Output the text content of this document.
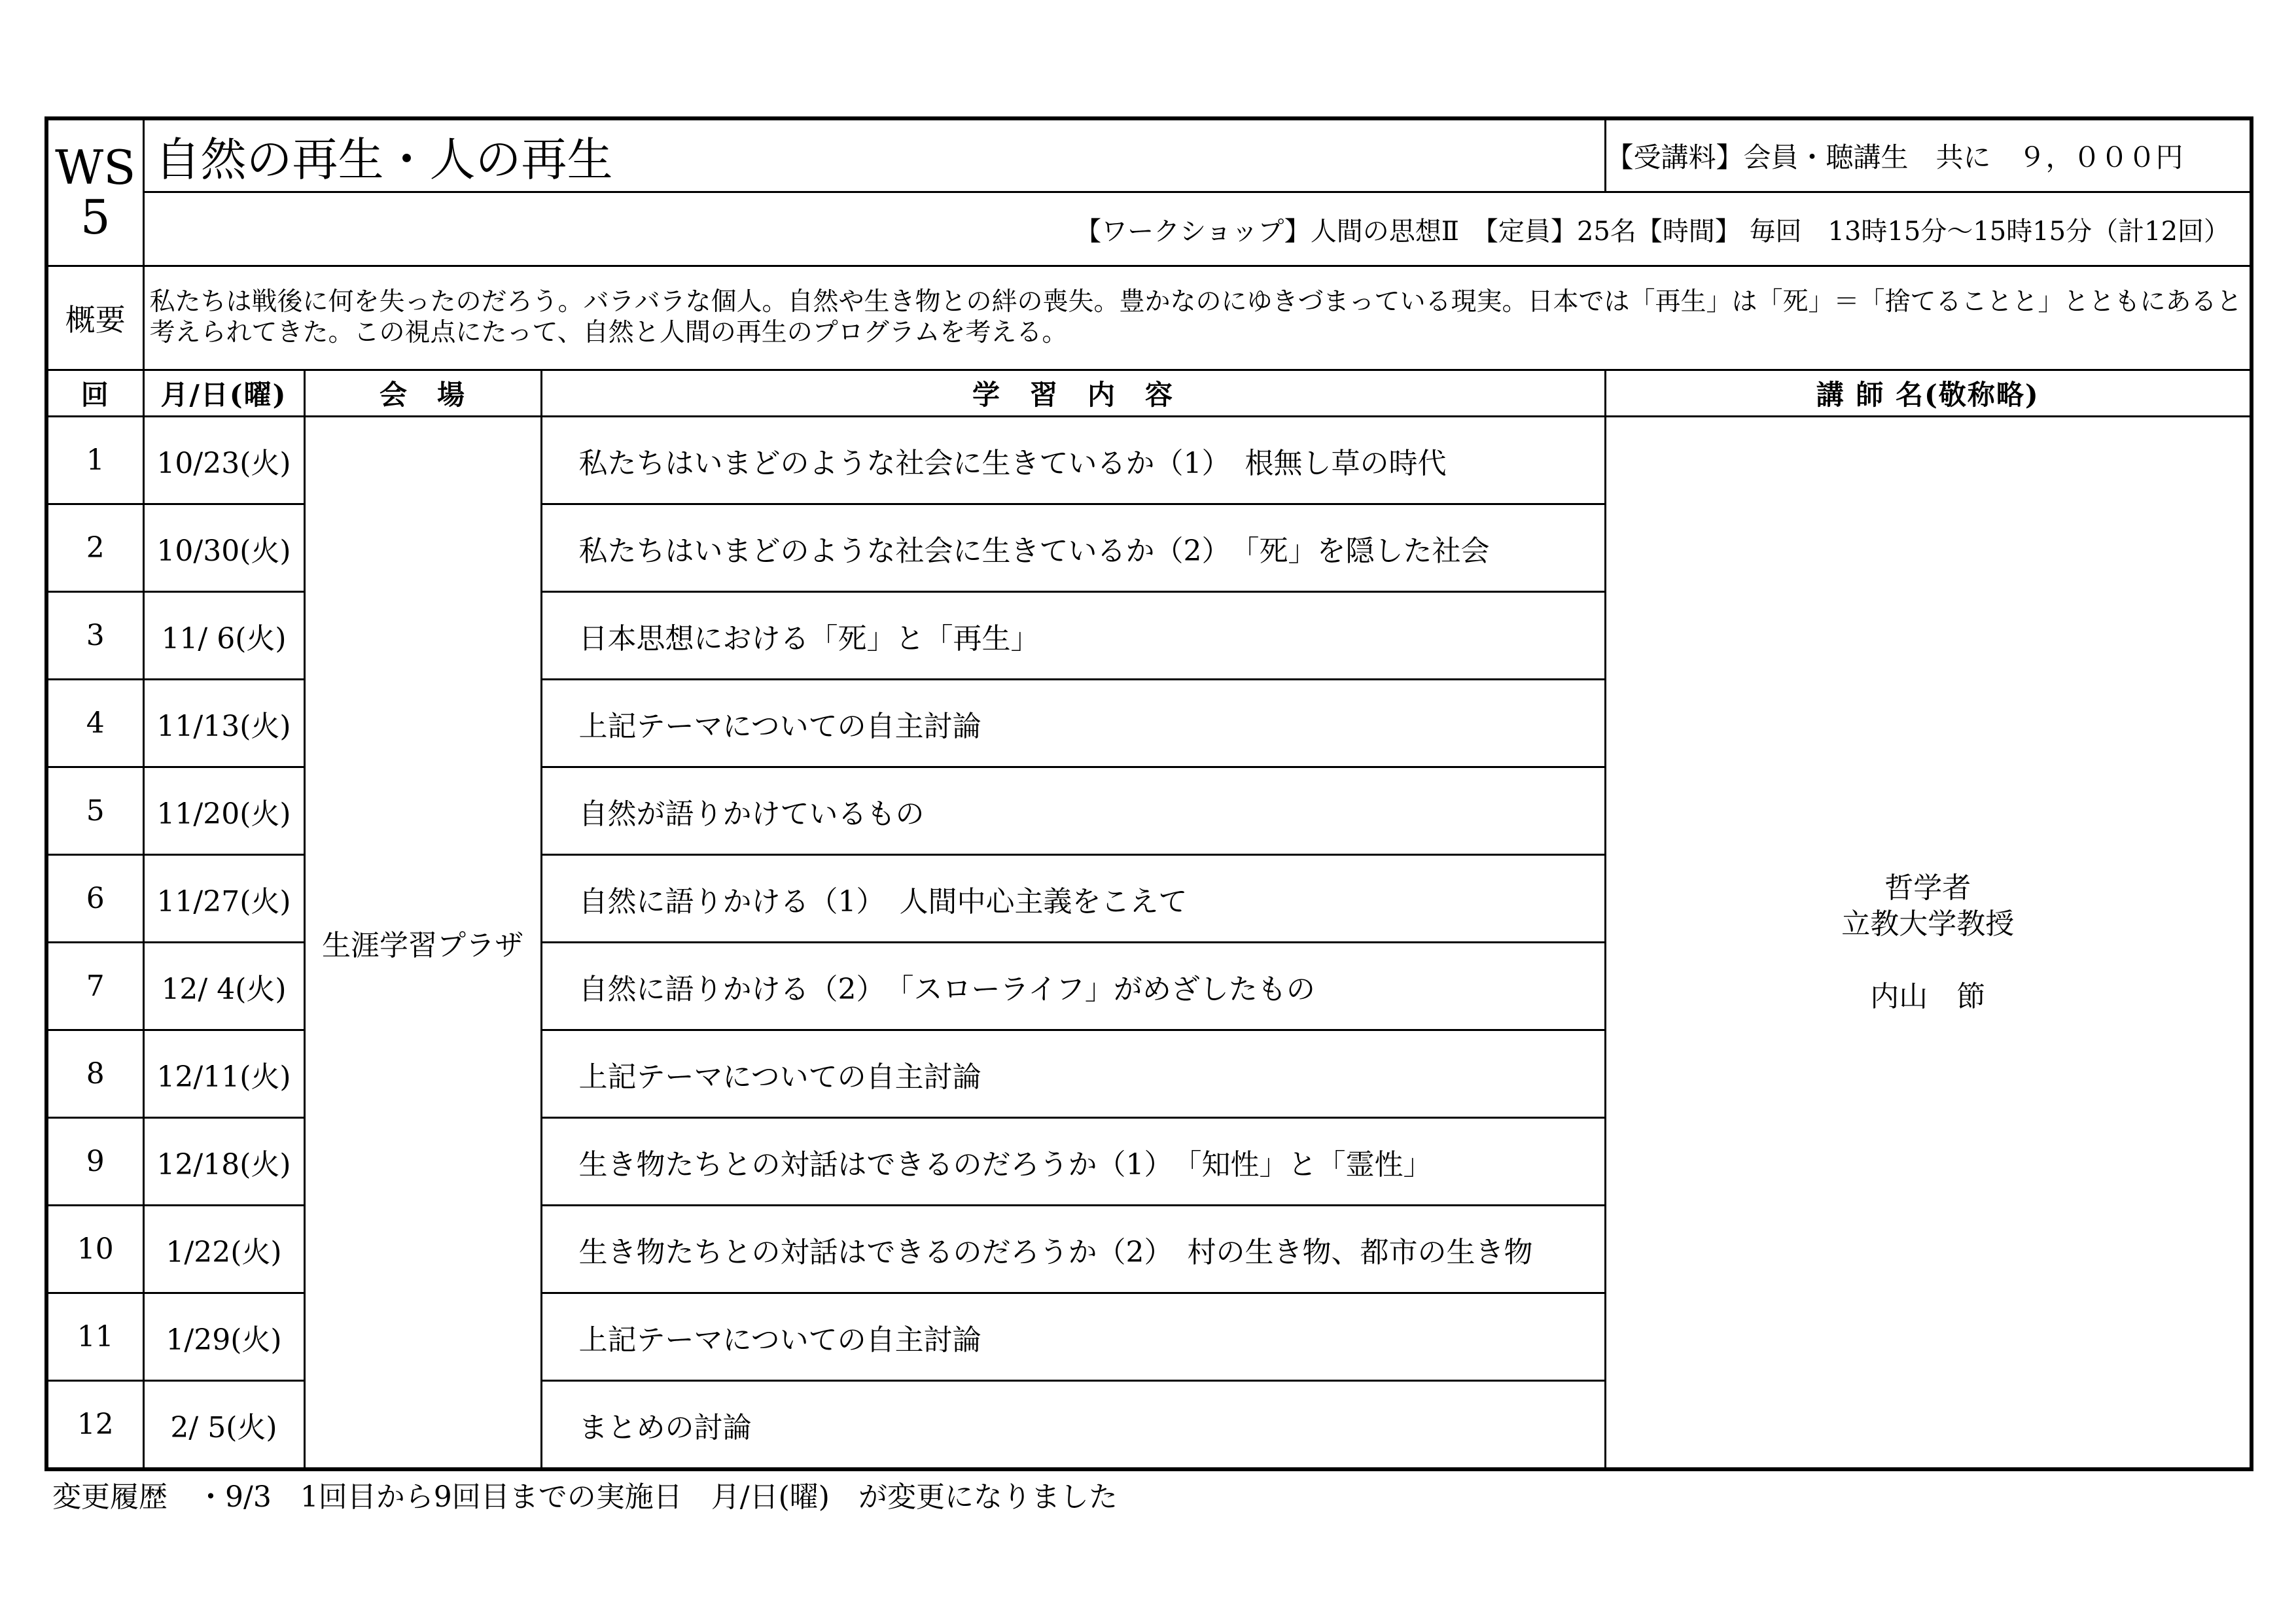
WS
5	自然の再生・人の再生			【受講料】会員・聴講生　共に　９，０００円
	【ワークショップ】人間の思想Ⅱ　【定員】25名【時間】 毎回　13時15分～15時15分（計12回）			
概要	私たちは戦後に何を失ったのだろう。バラバラな個人。自然や生き物との絆の喪失。豊かなのにゆきづまっている現実。日本では「再生」は「死」＝「捨てることと」とともにあると考えられてきた。この視点にたって、自然と人間の再生のプログラムを考える。			
回	月/日(曜)	会　場	学　習　内　容	講 師 名(敬称略)
1	10/23(火)	生涯学習プラザ	私たちはいまどのような社会に生きているか（1）　根無し草の時代	哲学者
立教大学教授
内山　節

2	10/30(火)		私たちはいまどのような社会に生きているか（2）　「死」を隠した社会	
3	11/ 6(火)		日本思想における「死」と「再生」	
4	11/13(火)		上記テーマについての自主討論	
5	11/20(火)		自然が語りかけているもの	
6	11/27(火)		自然に語りかける（1）　人間中心主義をこえて	
7	12/ 4(火)		自然に語りかける（2）　「スローライフ」がめざしたもの	
8	12/11(火)		上記テーマについての自主討論	
9	12/18(火)		生き物たちとの対話はできるのだろうか（1）　「知性」と「霊性」	
10	1/22(火)		生き物たちとの対話はできるのだろうか（2）　村の生き物、都市の生き物	
11	1/29(火)		上記テーマについての自主討論	
12	2/ 5(火)		まとめの討論	
変更履歴　・9/3　1回目から9回目までの実施日　月/日(曜)　が変更になりました
